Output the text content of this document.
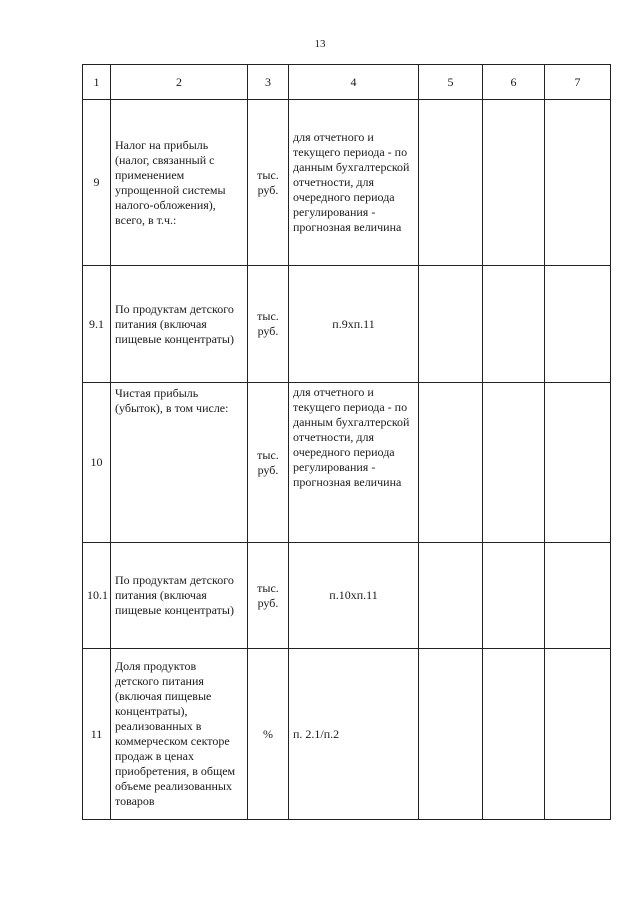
13
1	2	3	4	5	6	7
9	Налог на прибыль (налог, связанный с применением упрощенной системы налого-обложения), всего, в т.ч.:	тыс. руб.	для отчетного и текущего периода - по данным бухгалтерской отчетности, для очередного периода регулирования - прогнозная величина			
9.1	По продуктам детского питания (включая пищевые концентраты)	тыс. руб.	п.9хп.11			
10	Чистая прибыль (убыток), в том числе:	тыс. руб.	для отчетного и текущего периода - по данным бухгалтерской отчетности, для очередного периода регулирования - прогнозная величина			
10.1	По продуктам детского питания (включая пищевые концентраты)	тыс. руб.	п.10хп.11			
11	Доля продуктов детского питания (включая пищевые концентраты), реализованных в коммерческом секторе продаж в ценах приобретения, в общем объеме реализованных товаров	%	п. 2.1/п.2			
